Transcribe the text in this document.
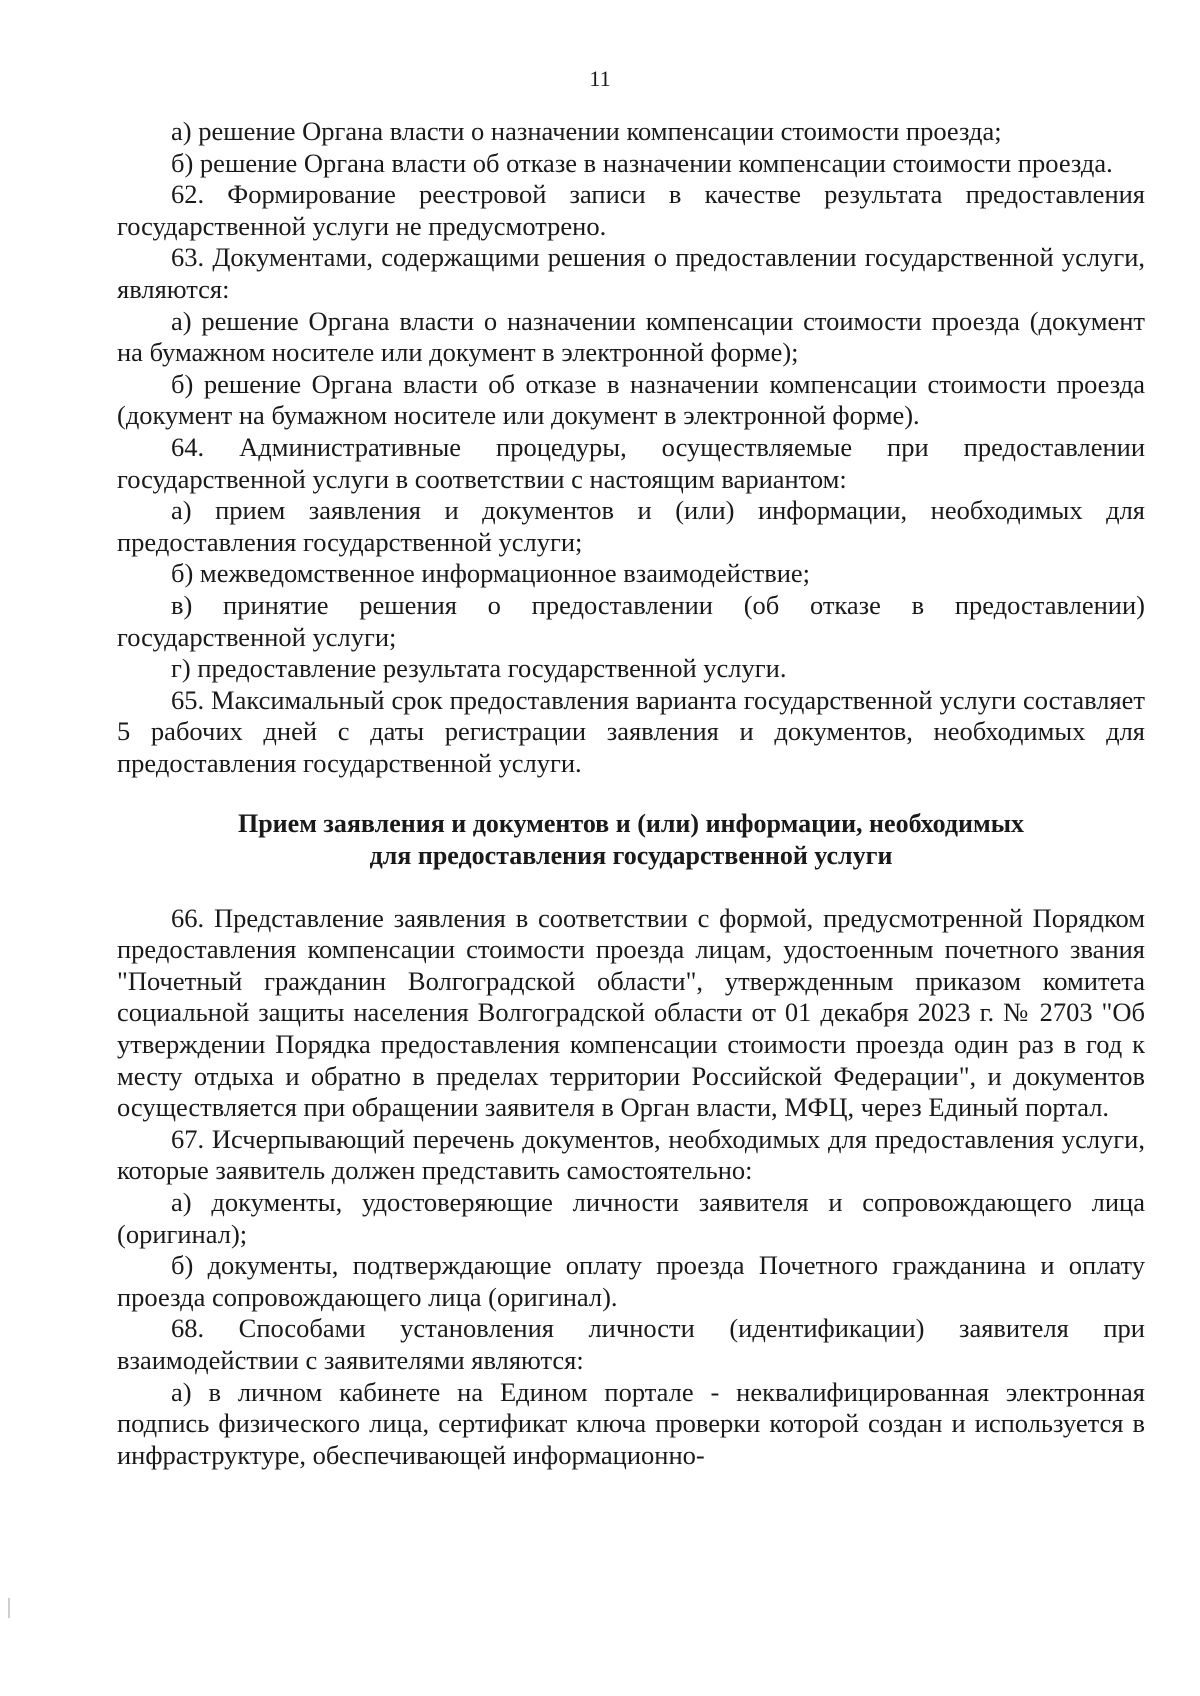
11

а) решение Органа власти о назначении компенсации стоимости проезда;

б) решение Органа власти об отказе в назначении компенсации стоимости проезда.

62. Формирование реестровой записи в качестве результата предоставления государственной услуги не предусмотрено.

63. Документами, содержащими решения о предоставлении государственной услуги, являются:

а) решение Органа власти о назначении компенсации стоимости проезда (документ на бумажном носителе или документ в электронной форме);

б) решение Органа власти об отказе в назначении компенсации стоимости проезда (документ на бумажном носителе или документ в электронной форме).

64. Административные процедуры, осуществляемые при предоставлении государственной услуги в соответствии с настоящим вариантом:

а) прием заявления и документов и (или) информации, необходимых для предоставления государственной услуги;

б) межведомственное информационное взаимодействие;

в) принятие решения о предоставлении (об отказе в предоставлении) государственной услуги;

г) предоставление результата государственной услуги.

65. Максимальный срок предоставления варианта государственной услуги составляет 5 рабочих дней с даты регистрации заявления и документов, необходимых для предоставления государственной услуги.

Прием заявления и документов и (или) информации, необходимых
для предоставления государственной услуги

66. Представление заявления в соответствии с формой, предусмотренной Порядком предоставления компенсации стоимости проезда лицам, удостоенным почетного звания "Почетный гражданин Волгоградской области", утвержденным приказом комитета социальной защиты населения Волгоградской области от 01 декабря 2023 г. № 2703 "Об утверждении Порядка предоставления компенсации стоимости проезда один раз в год к месту отдыха и обратно в пределах территории Российской Федерации", и документов осуществляется при обращении заявителя в Орган власти, МФЦ, через Единый портал.

67. Исчерпывающий перечень документов, необходимых для предоставления услуги, которые заявитель должен представить самостоятельно:

а) документы, удостоверяющие личности заявителя и сопровождающего лица (оригинал);

б) документы, подтверждающие оплату проезда Почетного гражданина и оплату проезда сопровождающего лица (оригинал).

68. Способами установления личности (идентификации) заявителя при взаимодействии с заявителями являются:

а) в личном кабинете на Едином портале - неквалифицированная электронная подпись физического лица, сертификат ключа проверки которой создан и используется в инфраструктуре, обеспечивающей информационно-
